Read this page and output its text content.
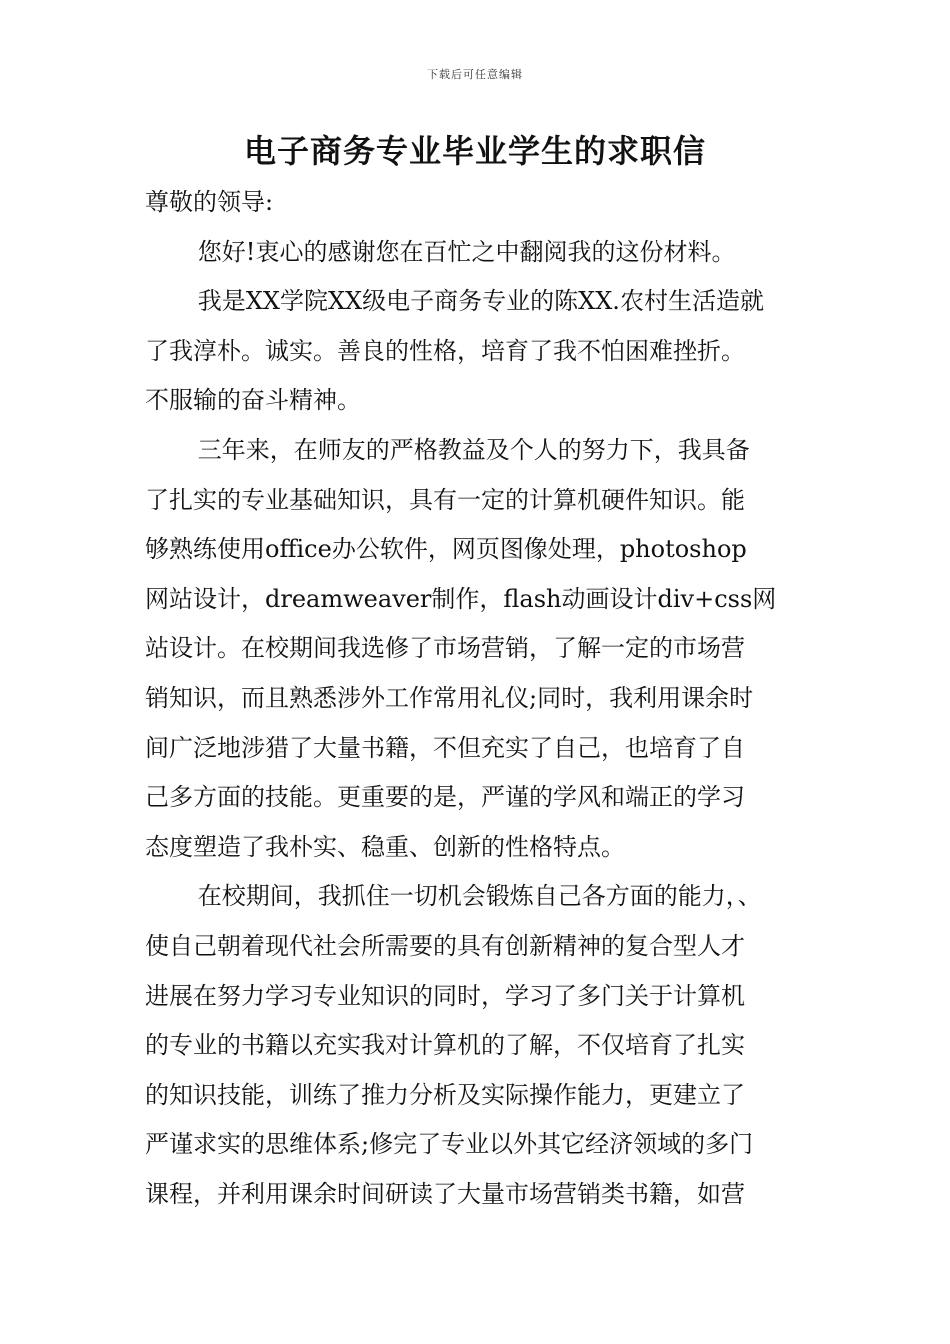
下载后可任意编辑
电子商务专业毕业学生的求职信

尊敬的领导:

您好!衷心的感谢您在百忙之中翻阅我的这份材料。
我是XX学院XX级电子商务专业的陈XX.农村生活造就
了我淳朴。诚实。善良的性格，培育了我不怕困难挫折。
不服输的奋斗精神。
三年来，在师友的严格教益及个人的努力下，我具备
了扎实的专业基础知识，具有一定的计算机硬件知识。能
够熟练使用office办公软件，网页图像处理，photoshop
网站设计，dreamweaver制作，flash动画设计div+css网
站设计。在校期间我选修了市场营销，了解一定的市场营
销知识，而且熟悉涉外工作常用礼仪;同时，我利用课余时
间广泛地涉猎了大量书籍，不但充实了自己，也培育了自
己多方面的技能。更重要的是，严谨的学风和端正的学习
态度塑造了我朴实、稳重、创新的性格特点。
在校期间，我抓住一切机会锻炼自己各方面的能力，、
使自己朝着现代社会所需要的具有创新精神的复合型人才
进展在努力学习专业知识的同时，学习了多门关于计算机
的专业的书籍以充实我对计算机的了解，不仅培育了扎实
的知识技能，训练了推力分析及实际操作能力，更建立了
严谨求实的思维体系;修完了专业以外其它经济领域的多门
课程，并利用课余时间研读了大量市场营销类书籍，如营
